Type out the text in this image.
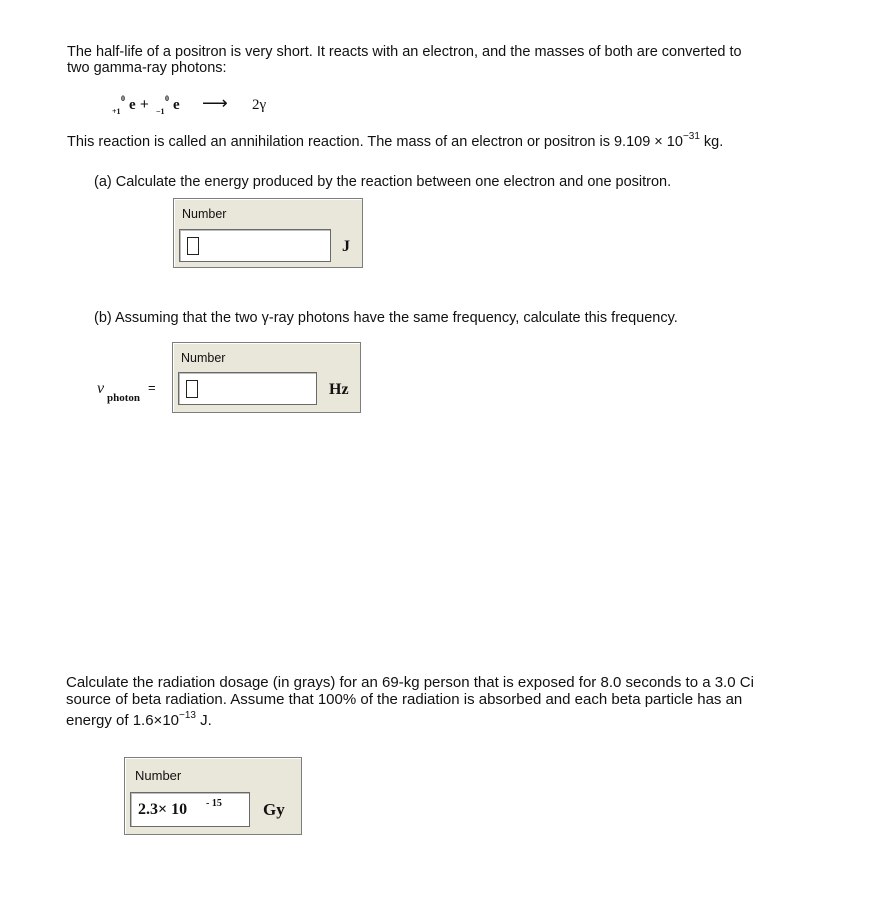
The half-life of a positron is very short. It reacts with an electron, and the masses of both are converted to
two gamma-ray photons:
0
+1 e + 0
−1 e ⟶ 2γ
This reaction is called an annihilation reaction. The mass of an electron or positron is $9.109 \times 10^{-31}$ kg.
(a) Calculate the energy produced by the reaction between one electron and one positron.
Number
J
(b) Assuming that the two γ-ray photons have the same frequency, calculate this frequency.
ν
photon
=
Number
Hz
Calculate the radiation dosage (in grays) for an 69-kg person that is exposed for 8.0 seconds to a 3.0 Ci
source of beta radiation. Assume that 100% of the radiation is absorbed and each beta particle has an
energy of $1.6\times 10^{-13}$ J.
Number
2.3× 10 - 15 Gy
